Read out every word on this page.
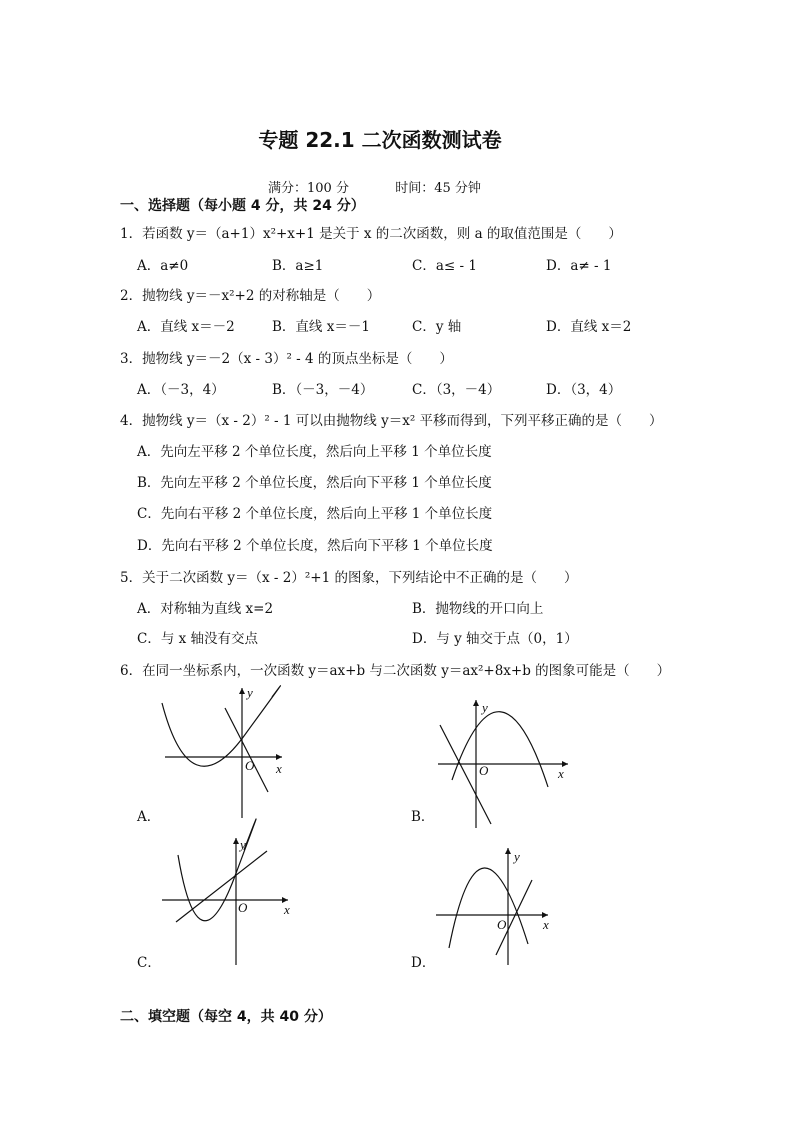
专题 22.1 二次函数测试卷
满分：100 分	时间：45 分钟
一、选择题（每小题 4 分，共 24 分）
1．若函数 y＝（a+1）x²+x+1 是关于 x 的二次函数，则 a 的取值范围是（　　）
A．a≠0	B．a≥1	C．a≤ - 1	D．a≠ - 1
2．抛物线 y＝－x²+2 的对称轴是（　　）
A．直线 x＝－2	B．直线 x＝－1	C．y 轴	D．直线 x＝2
3．抛物线 y＝－2（x - 3）² - 4 的顶点坐标是（　　）
A．（－3，4）	B．（－3，－4）	C．（3，－4）	D．（3，4）
4．抛物线 y＝（x - 2）² - 1 可以由抛物线 y＝x² 平移而得到，下列平移正确的是（　　）
A．先向左平移 2 个单位长度，然后向上平移 1 个单位长度
B．先向左平移 2 个单位长度，然后向下平移 1 个单位长度
C．先向右平移 2 个单位长度，然后向上平移 1 个单位长度
D．先向右平移 2 个单位长度，然后向下平移 1 个单位长度
5．关于二次函数 y＝（x - 2）²+1 的图象，下列结论中不正确的是（　　）
A．对称轴为直线 x=2	B．抛物线的开口向上
C．与 x 轴没有交点	D．与 y 轴交于点（0，1）
6．在同一坐标系内，一次函数 y＝ax+b 与二次函数 y＝ax²+8x+b 的图象可能是（　　）
y
x
O
A．
y
x
O
B．
y
x
O
C．
y
x
O
D．
二、填空题（每空 4，共 40 分）
